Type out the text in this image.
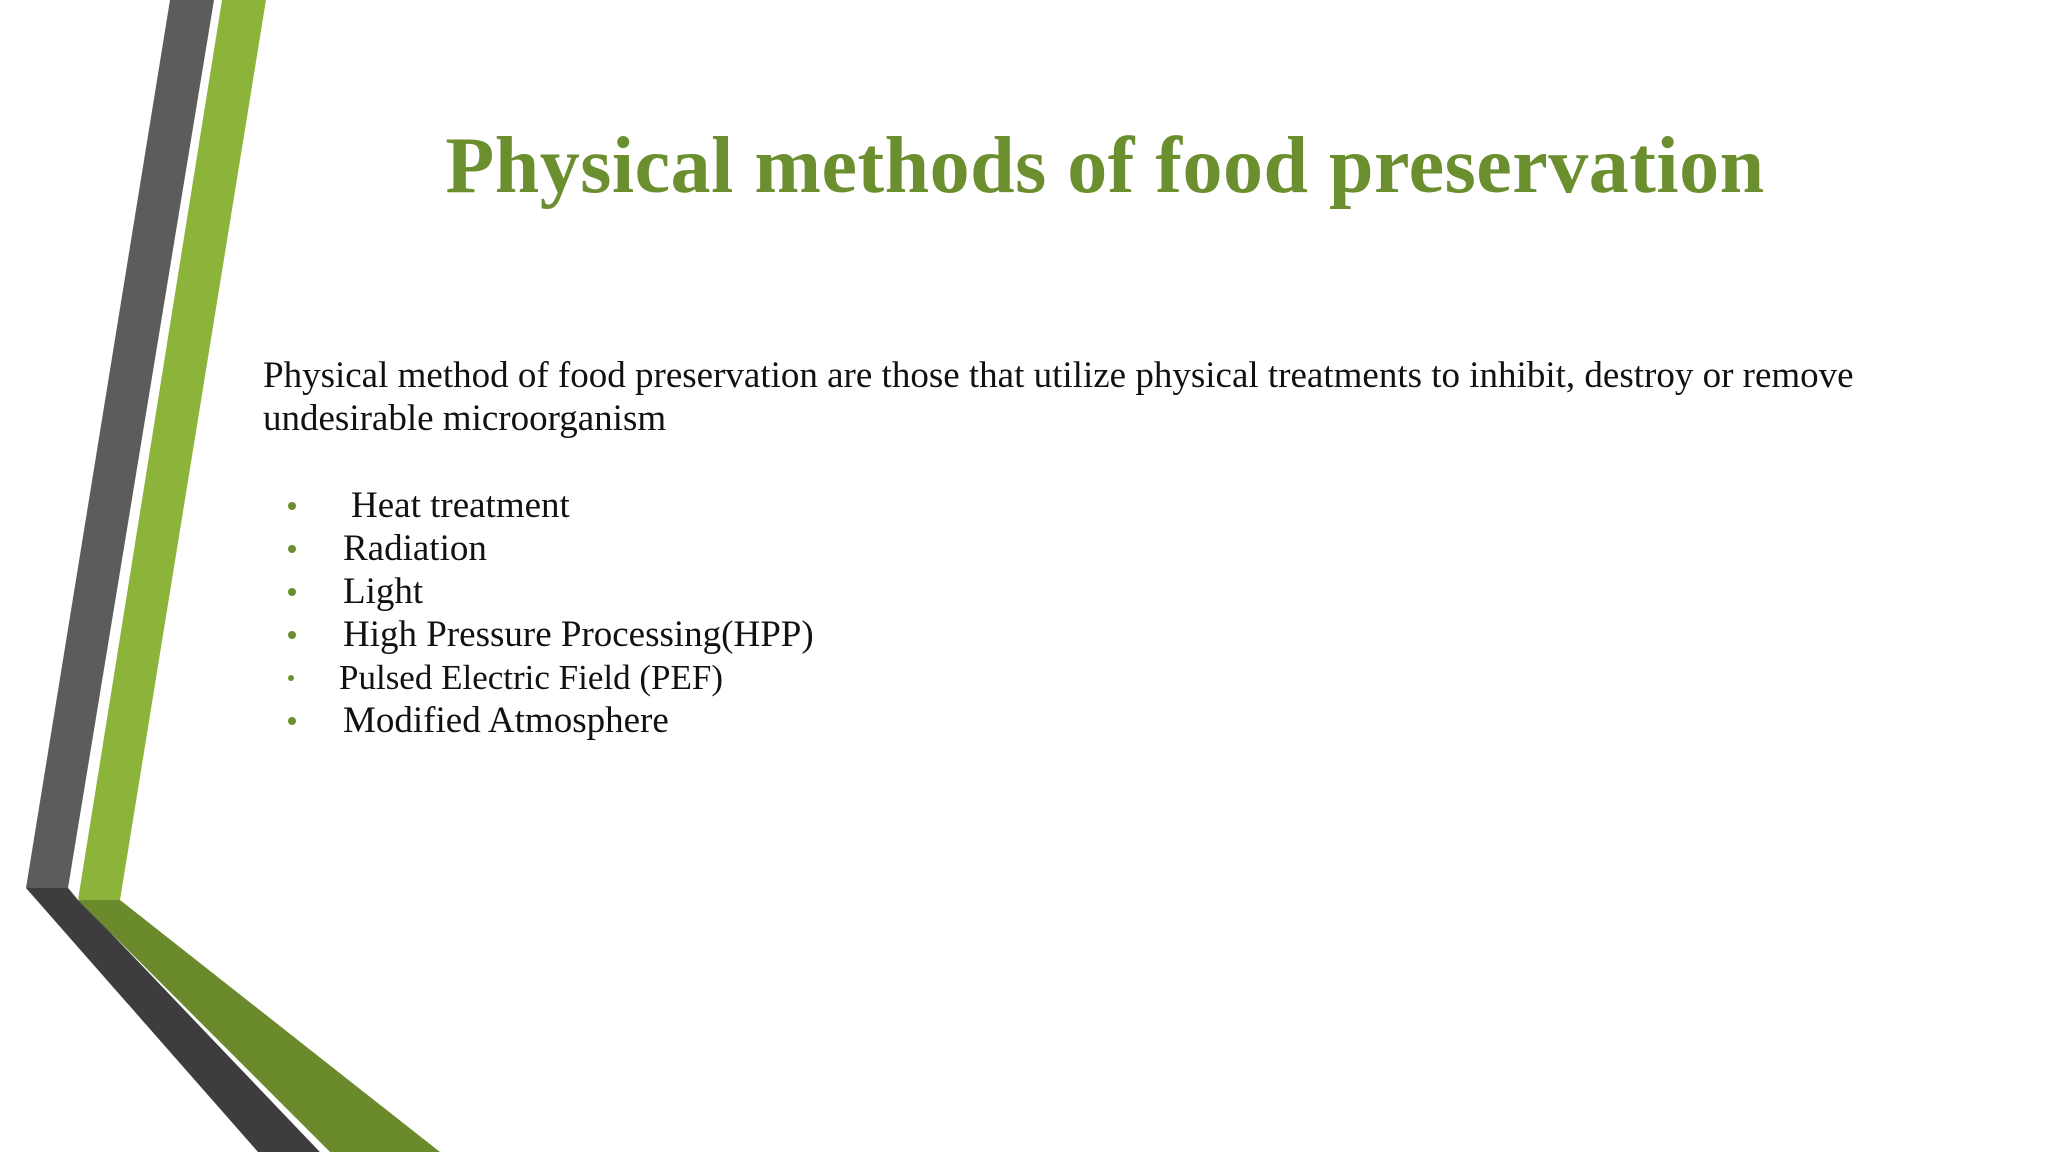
Physical methods of food preservation

Physical method of food preservation are those that utilize physical treatments to inhibit, destroy or remove undesirable microorganism

Heat treatment
Radiation
Light
High Pressure Processing(HPP)
Pulsed Electric Field (PEF)
Modified Atmosphere
